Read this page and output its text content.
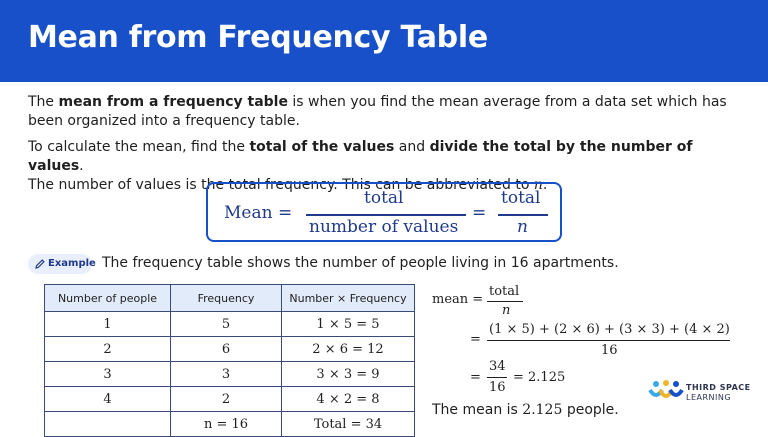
Mean from Frequency Table
The mean from a frequency table is when you find the mean average from a data set which has been organized into a frequency table.
To calculate the mean, find the total of the values and divide the total by the number of values.
The number of values is the total frequency. This can be abbreviated to n.
Mean =
total
number of values
=
total
n
Example The frequency table shows the number of people living in 16 apartments.
Number of people	Frequency	Number × Frequency
1	5	1 × 5 = 5
2	6	2 × 6 = 12
3	3	3 × 3 = 9
4	2	4 × 2 = 8
	n = 16	Total = 34
mean =
total
n
=
(1 × 5) + (2 × 6) + (3 × 3) + (4 × 2)
16
=
34
16
= 2.125
The mean is 2.125 people.
THIRD SPACE
LEARNING
